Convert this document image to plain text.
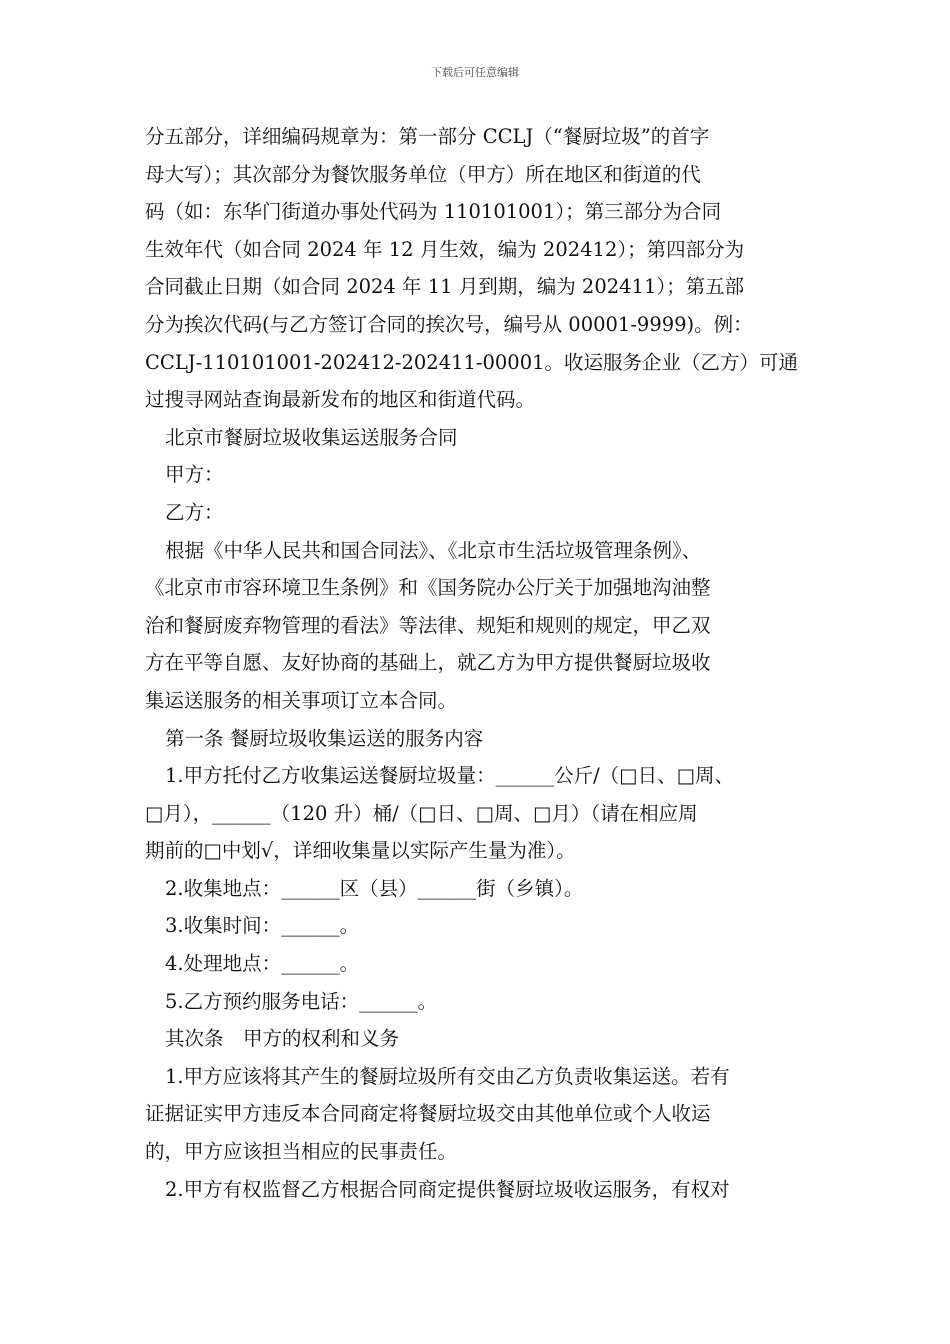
下载后可任意编辑
分五部分，详细编码规章为：第一部分 CCLJ（“餐厨垃圾”的首字
母大写）；其次部分为餐饮服务单位（甲方）所在地区和街道的代
码（如：东华门街道办事处代码为 110101001）；第三部分为合同
生效年代（如合同 2024 年 12 月生效，编为 202412）；第四部分为
合同截止日期（如合同 2024 年 11 月到期，编为 202411）；第五部
分为挨次代码(与乙方签订合同的挨次号，编号从 00001-9999)。例：
CCLJ-110101001-202412-202411-00001。收运服务企业（乙方）可通
过搜寻网站查询最新发布的地区和街道代码。
北京市餐厨垃圾收集运送服务合同
甲方：
乙方：
根据《中华人民共和国合同法》、《北京市生活垃圾管理条例》、
《北京市市容环境卫生条例》和《国务院办公厅关于加强地沟油整
治和餐厨废弃物管理的看法》等法律、规矩和规则的规定，甲乙双
方在平等自愿、友好协商的基础上，就乙方为甲方提供餐厨垃圾收
集运送服务的相关事项订立本合同。
第一条 餐厨垃圾收集运送的服务内容
1.甲方托付乙方收集运送餐厨垃圾量：______公斤/（□日、□周、
□月），______（120 升）桶/（□日、□周、□月）（请在相应周
期前的□中划√，详细收集量以实际产生量为准）。
2.收集地点：______区（县）______街（乡镇）。
3.收集时间：______。
4.处理地点：______。
5.乙方预约服务电话：______。
其次条　甲方的权利和义务
1.甲方应该将其产生的餐厨垃圾所有交由乙方负责收集运送。若有
证据证实甲方违反本合同商定将餐厨垃圾交由其他单位或个人收运
的，甲方应该担当相应的民事责任。
2.甲方有权监督乙方根据合同商定提供餐厨垃圾收运服务，有权对
